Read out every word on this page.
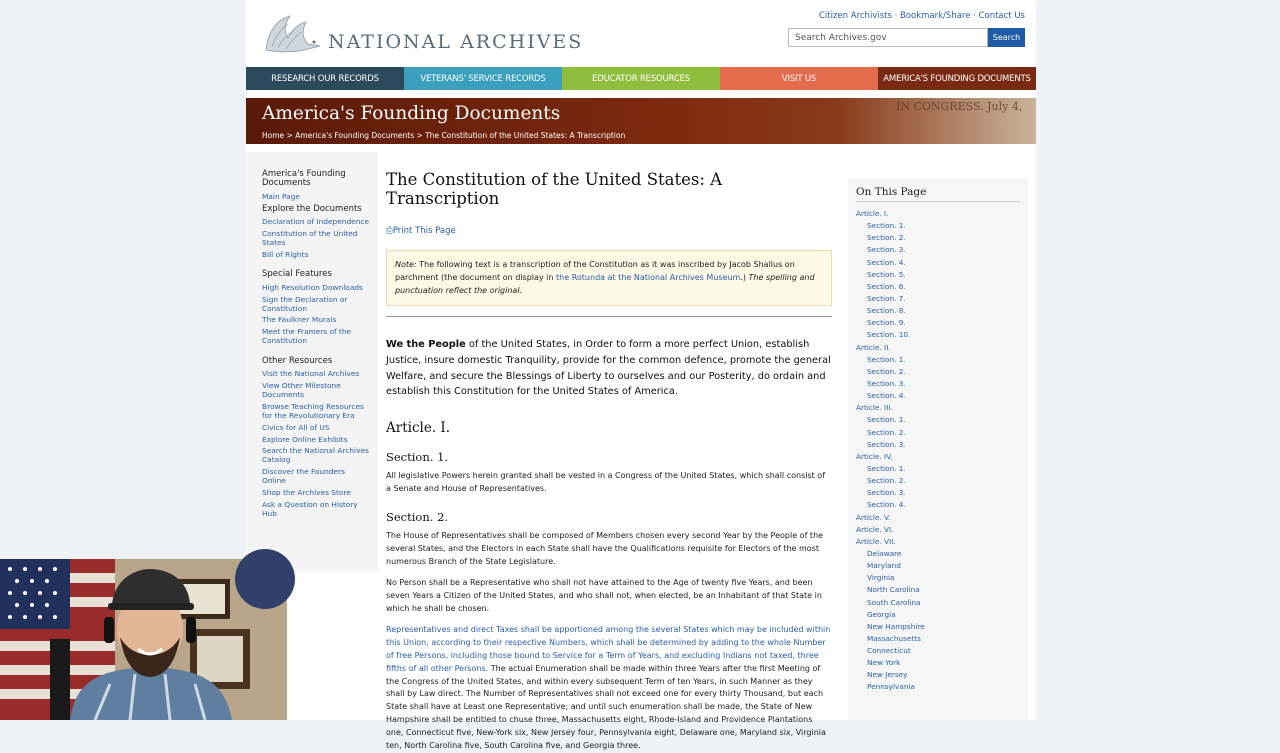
NATIONAL ARCHIVES
Citizen Archivists · Bookmark/Share · Contact Us
Search Archives.gov
Search
RESEARCH OUR RECORDS	VETERANS' SERVICE RECORDS	EDUCATOR RESOURCES	VISIT US	AMERICA'S FOUNDING DOCUMENTS
IN CONGRESS. July 4,
America's Founding Documents
Home > America's Founding Documents > The Constitution of the United States: A Transcription
America's Founding Documents
Main Page
Explore the Documents
Declaration of Independence
Constitution of the United States
Bill of Rights
Special Features
High Resolution Downloads
Sign the Declaration or Constitution
The Faulkner Murals
Meet the Framers of the Constitution
Other Resources
Visit the National Archives
View Other Milestone Documents
Browse Teaching Resources for the Revolutionary Era
Civics for All of US
Explore Online Exhibits
Search the National Archives Catalog
Discover the Founders Online
Shop the Archives Store
Ask a Question on History Hub
The Constitution of the United States: A Transcription
⎙Print This Page
Note: The following text is a transcription of the Constitution as it was inscribed by Jacob Shallus on parchment (the document on display in the Rotunda at the National Archives Museum.) The spelling and punctuation reflect the original.

We the People of the United States, in Order to form a more perfect Union, establish Justice, insure domestic Tranquility, provide for the common defence, promote the general Welfare, and secure the Blessings of Liberty to ourselves and our Posterity, do ordain and establish this Constitution for the United States of America.

Article. I.
Section. 1.

All legislative Powers herein granted shall be vested in a Congress of the United States, which shall consist of a Senate and House of Representatives.

Section. 2.

The House of Representatives shall be composed of Members chosen every second Year by the People of the several States, and the Electors in each State shall have the Qualifications requisite for Electors of the most numerous Branch of the State Legislature.

No Person shall be a Representative who shall not have attained to the Age of twenty five Years, and been seven Years a Citizen of the United States, and who shall not, when elected, be an Inhabitant of that State in which he shall be chosen.

Representatives and direct Taxes shall be apportioned among the several States which may be included within this Union, according to their respective Numbers, which shall be determined by adding to the whole Number of free Persons, including those bound to Service for a Term of Years, and excluding Indians not taxed, three fifths of all other Persons. The actual Enumeration shall be made within three Years after the first Meeting of the Congress of the United States, and within every subsequent Term of ten Years, in such Manner as they shall by Law direct. The Number of Representatives shall not exceed one for every thirty Thousand, but each State shall have at Least one Representative; and until such enumeration shall be made, the State of New Hampshire shall be entitled to chuse three, Massachusetts eight, Rhode-Island and Providence Plantations one, Connecticut five, New-York six, New Jersey four, Pennsylvania eight, Delaware one, Maryland six, Virginia ten, North Carolina five, South Carolina five, and Georgia three.

On This Page
Article. I.
Section. 1.
Section. 2.
Section. 3.
Section. 4.
Section. 5.
Section. 6.
Section. 7.
Section. 8.
Section. 9.
Section. 10.
Article. II.
Section. 1.
Section. 2.
Section. 3.
Section. 4.
Article. III.
Section. 1.
Section. 2.
Section. 3.
Article. IV.
Section. 1.
Section. 2.
Section. 3.
Section. 4.
Article. V.
Article. VI.
Article. VII.
Delaware
Maryland
Virginia
North Carolina
South Carolina
Georgia
New Hampshire
Massachusetts
Connecticut
New York
New Jersey
Pennsylvania
